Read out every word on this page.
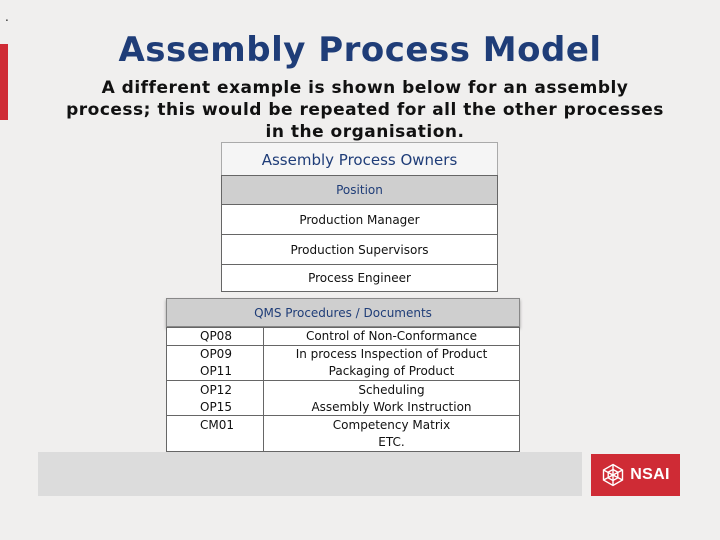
.
Assembly Process Model

A different example is shown below for an assembly process; this would be repeated for all the other processes in the organisation.

Assembly Process Owners
Position
Production Manager
Production Supervisors
Process Engineer
QMS Procedures / Documents
QP08	Control of Non-Conformance
OP09	In process Inspection of Product
OP11	Packaging of Product
OP12	Scheduling
OP15	Assembly Work Instruction
CM01	Competency Matrix
	ETC.
NSAI
